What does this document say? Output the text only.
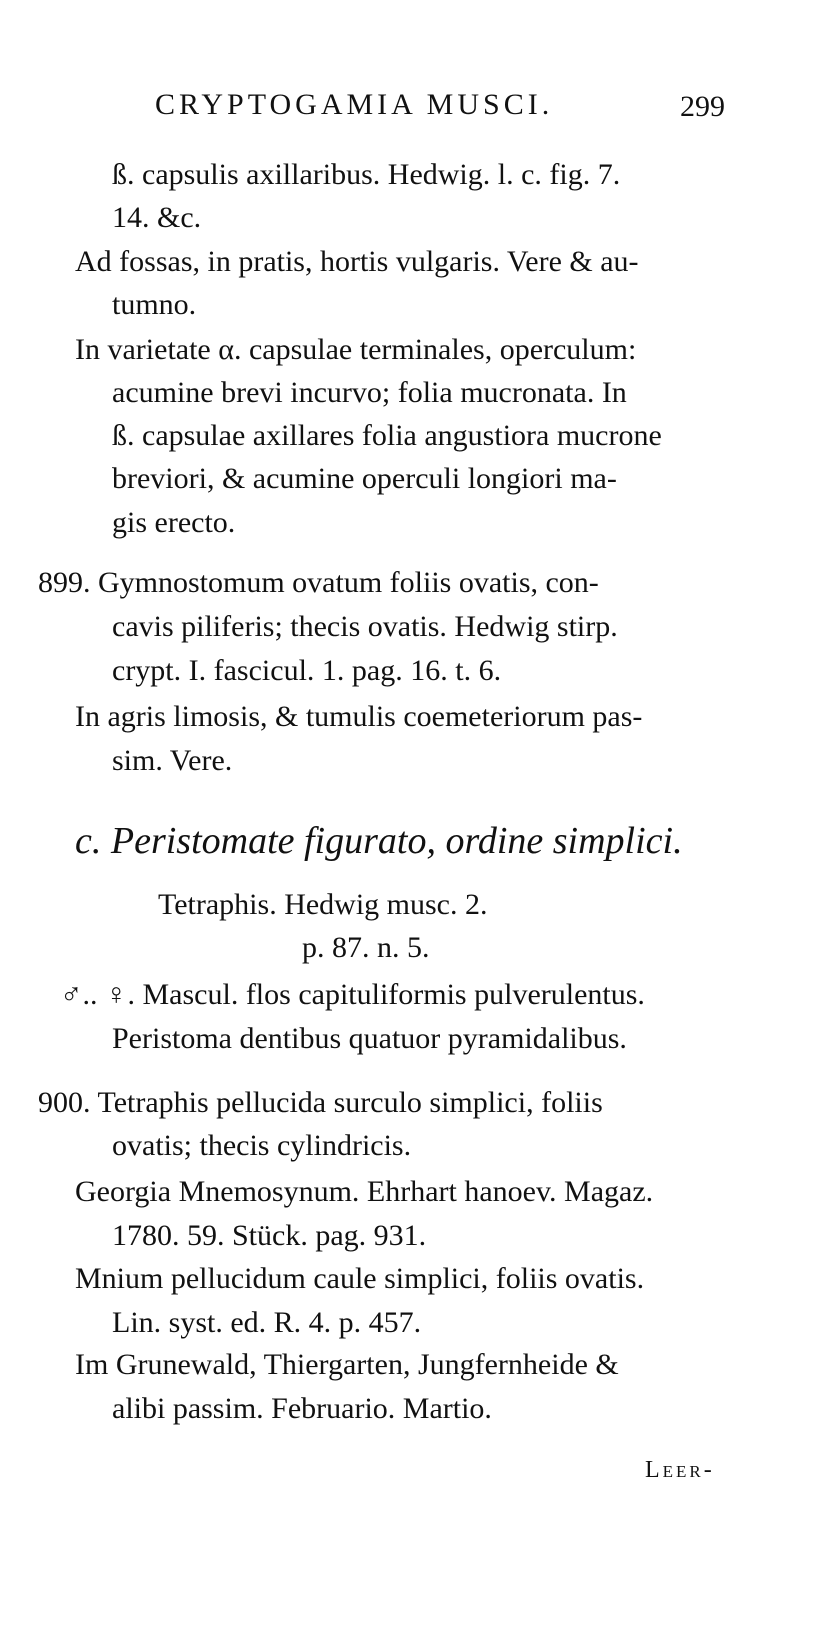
CRYPTOGAMIA MUSCI.	299
ß. capsulis axillaribus. Hedwig. l. c. fig. 7.
14. &c.
Ad fossas, in pratis, hortis vulgaris. Vere & au-
tumno.
In varietate α. capsulae terminales, operculum:
acumine brevi incurvo; folia mucronata. In
ß. capsulae axillares folia angustiora mucrone
breviori, & acumine operculi longiori ma-
gis erecto.
899. Gymnostomum ovatum foliis ovatis, con-
cavis piliferis; thecis ovatis. Hedwig stirp.
crypt. I. fascicul. 1. pag. 16. t. 6.
In agris limosis, & tumulis coemeteriorum pas-
sim. Vere.
c. Peristomate figurato, ordine simplici.
Tetraphis. Hedwig musc. 2.
p. 87. n. 5.
♂.. ♀. Mascul. flos capituliformis pulverulentus.
Peristoma dentibus quatuor pyramidalibus.
900. Tetraphis pellucida surculo simplici, foliis
ovatis; thecis cylindricis.
Georgia Mnemosynum. Ehrhart hanoev. Magaz.
1780. 59. Stück. pag. 931.
Mnium pellucidum caule simplici, foliis ovatis.
Lin. syst. ed. R. 4. p. 457.
Im Grunewald, Thiergarten, Jungfernheide &
alibi passim. Februario. Martio.
Leer-
